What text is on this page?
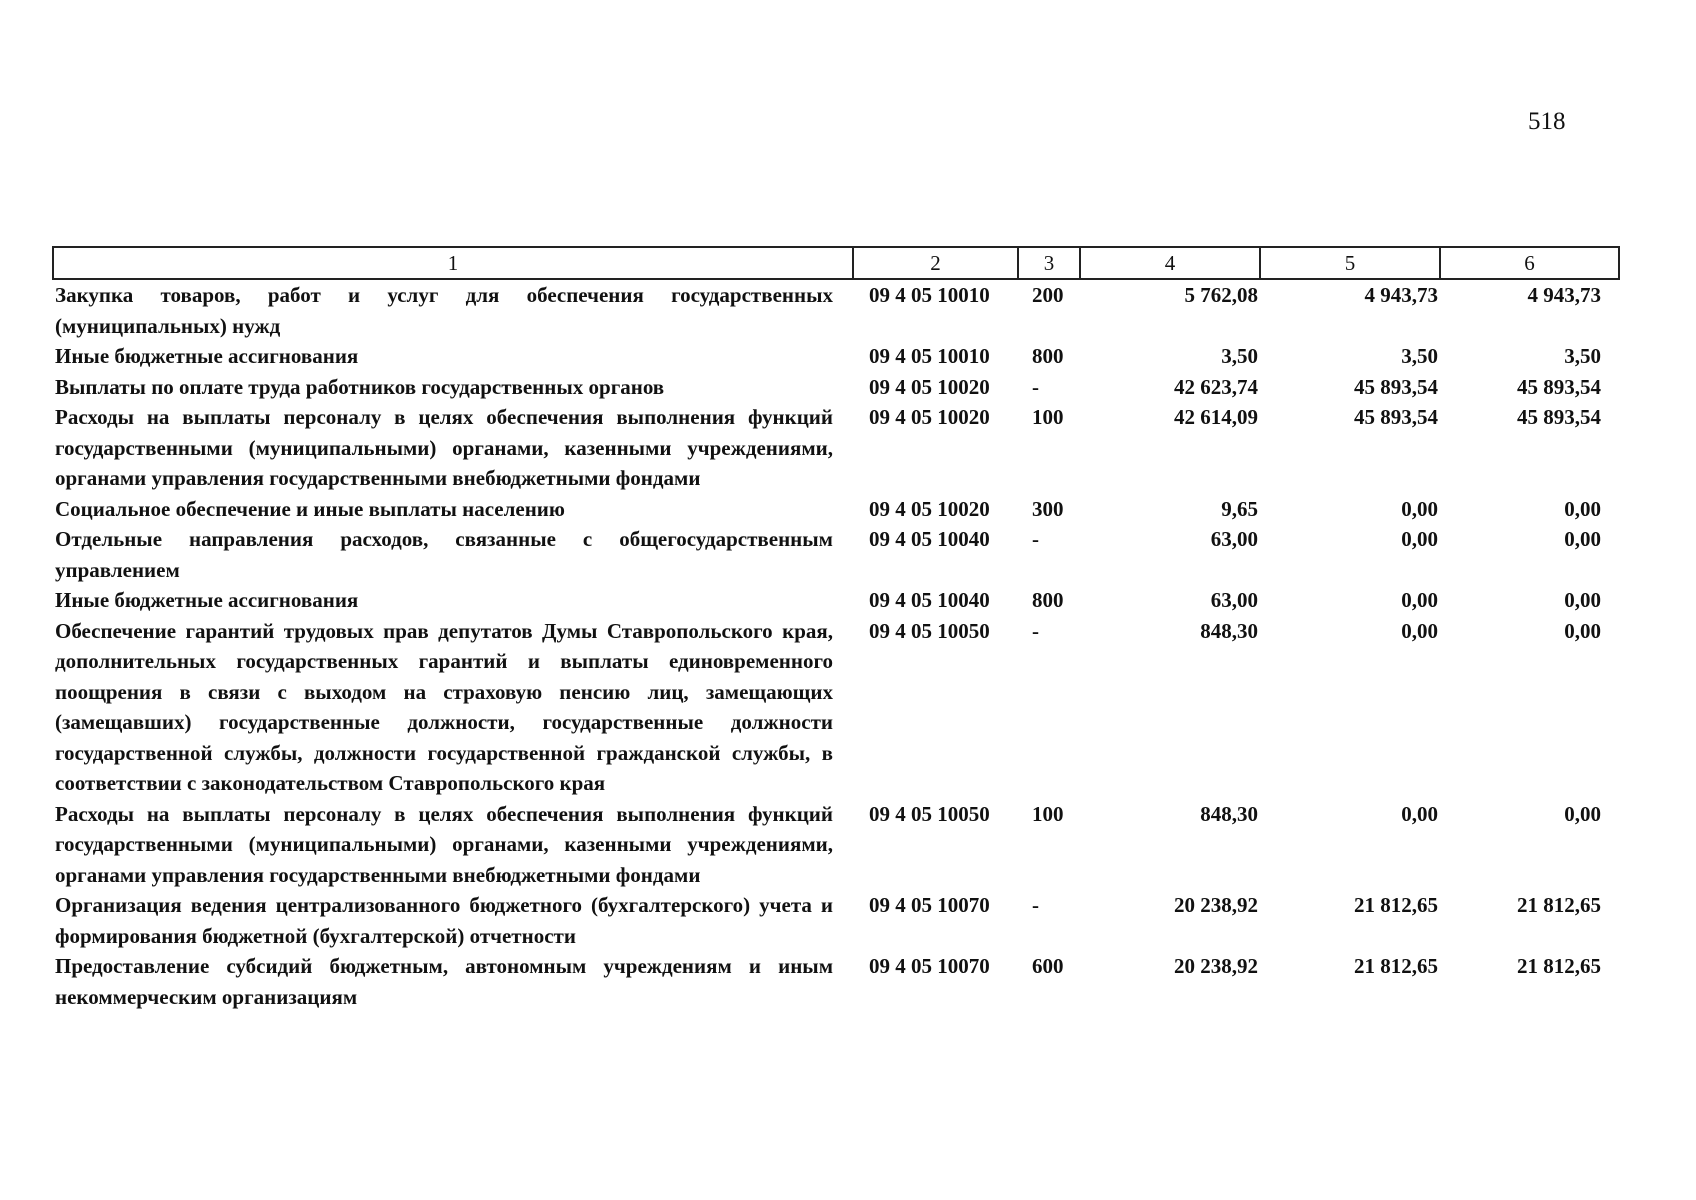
518
1	2	3	4	5	6
Закупка товаров, работ и услуг для обеспечения государственных (муниципальных) нужд	09 4 05 10010	200	5 762,08	4 943,73	4 943,73
Иные бюджетные ассигнования	09 4 05 10010	800	3,50	3,50	3,50
Выплаты по оплате труда работников государственных органов	09 4 05 10020	-	42 623,74	45 893,54	45 893,54
Расходы на выплаты персоналу в целях обеспечения выполнения функций государственными (муниципальными) органами, казенными учреждениями, органами управления государственными внебюджетными фондами	09 4 05 10020	100	42 614,09	45 893,54	45 893,54
Социальное обеспечение и иные выплаты населению	09 4 05 10020	300	9,65	0,00	0,00
Отдельные направления расходов, связанные с общегосударственным управлением	09 4 05 10040	-	63,00	0,00	0,00
Иные бюджетные ассигнования	09 4 05 10040	800	63,00	0,00	0,00
Обеспечение гарантий трудовых прав депутатов Думы Ставропольского края, дополнительных государственных гарантий и выплаты единовременного поощрения в связи с выходом на страховую пенсию лиц, замещающих (замещавших) государственные должности, государственные должности государственной службы, должности государственной гражданской службы, в соответствии с законодательством Ставропольского края	09 4 05 10050	-	848,30	0,00	0,00
Расходы на выплаты персоналу в целях обеспечения выполнения функций государственными (муниципальными) органами, казенными учреждениями, органами управления государственными внебюджетными фондами	09 4 05 10050	100	848,30	0,00	0,00
Организация ведения централизованного бюджетного (бухгалтерского) учета и формирования бюджетной (бухгалтерской) отчетности	09 4 05 10070	-	20 238,92	21 812,65	21 812,65
Предоставление субсидий бюджетным, автономным учреждениям и иным некоммерческим организациям	09 4 05 10070	600	20 238,92	21 812,65	21 812,65
